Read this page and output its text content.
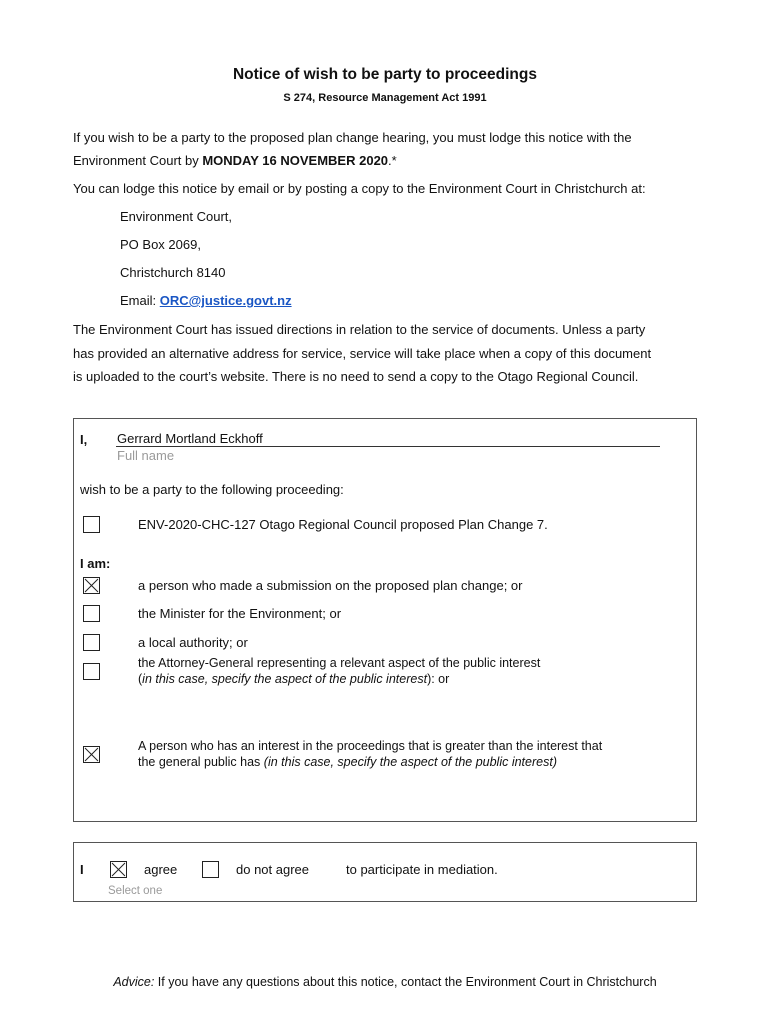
Notice of wish to be party to proceedings
S 274, Resource Management Act 1991
If you wish to be a party to the proposed plan change hearing, you must lodge this notice with the
Environment Court by MONDAY 16 NOVEMBER 2020.*
You can lodge this notice by email or by posting a copy to the Environment Court in Christchurch at:
Environment Court,
PO Box 2069,
Christchurch 8140
Email: ORC@justice.govt.nz
The Environment Court has issued directions in relation to the service of documents. Unless a party
has provided an alternative address for service, service will take place when a copy of this document
is uploaded to the court’s website. There is no need to send a copy to the Otago Regional Council.
I, Gerrard Mortland Eckhoff
Full name
wish to be a party to the following proceeding:
ENV-2020-CHC-127 Otago Regional Council proposed Plan Change 7.
I am:
a person who made a submission on the proposed plan change; or
the Minister for the Environment; or
a local authority; or
the Attorney-General representing a relevant aspect of the public interest
(in this case, specify the aspect of the public interest): or
A person who has an interest in the proceedings that is greater than the interest that
the general public has (in this case, specify the aspect of the public interest)
I	agree	do not agree	to participate in mediation.
Select one
Advice: If you have any questions about this notice, contact the Environment Court in Christchurch
